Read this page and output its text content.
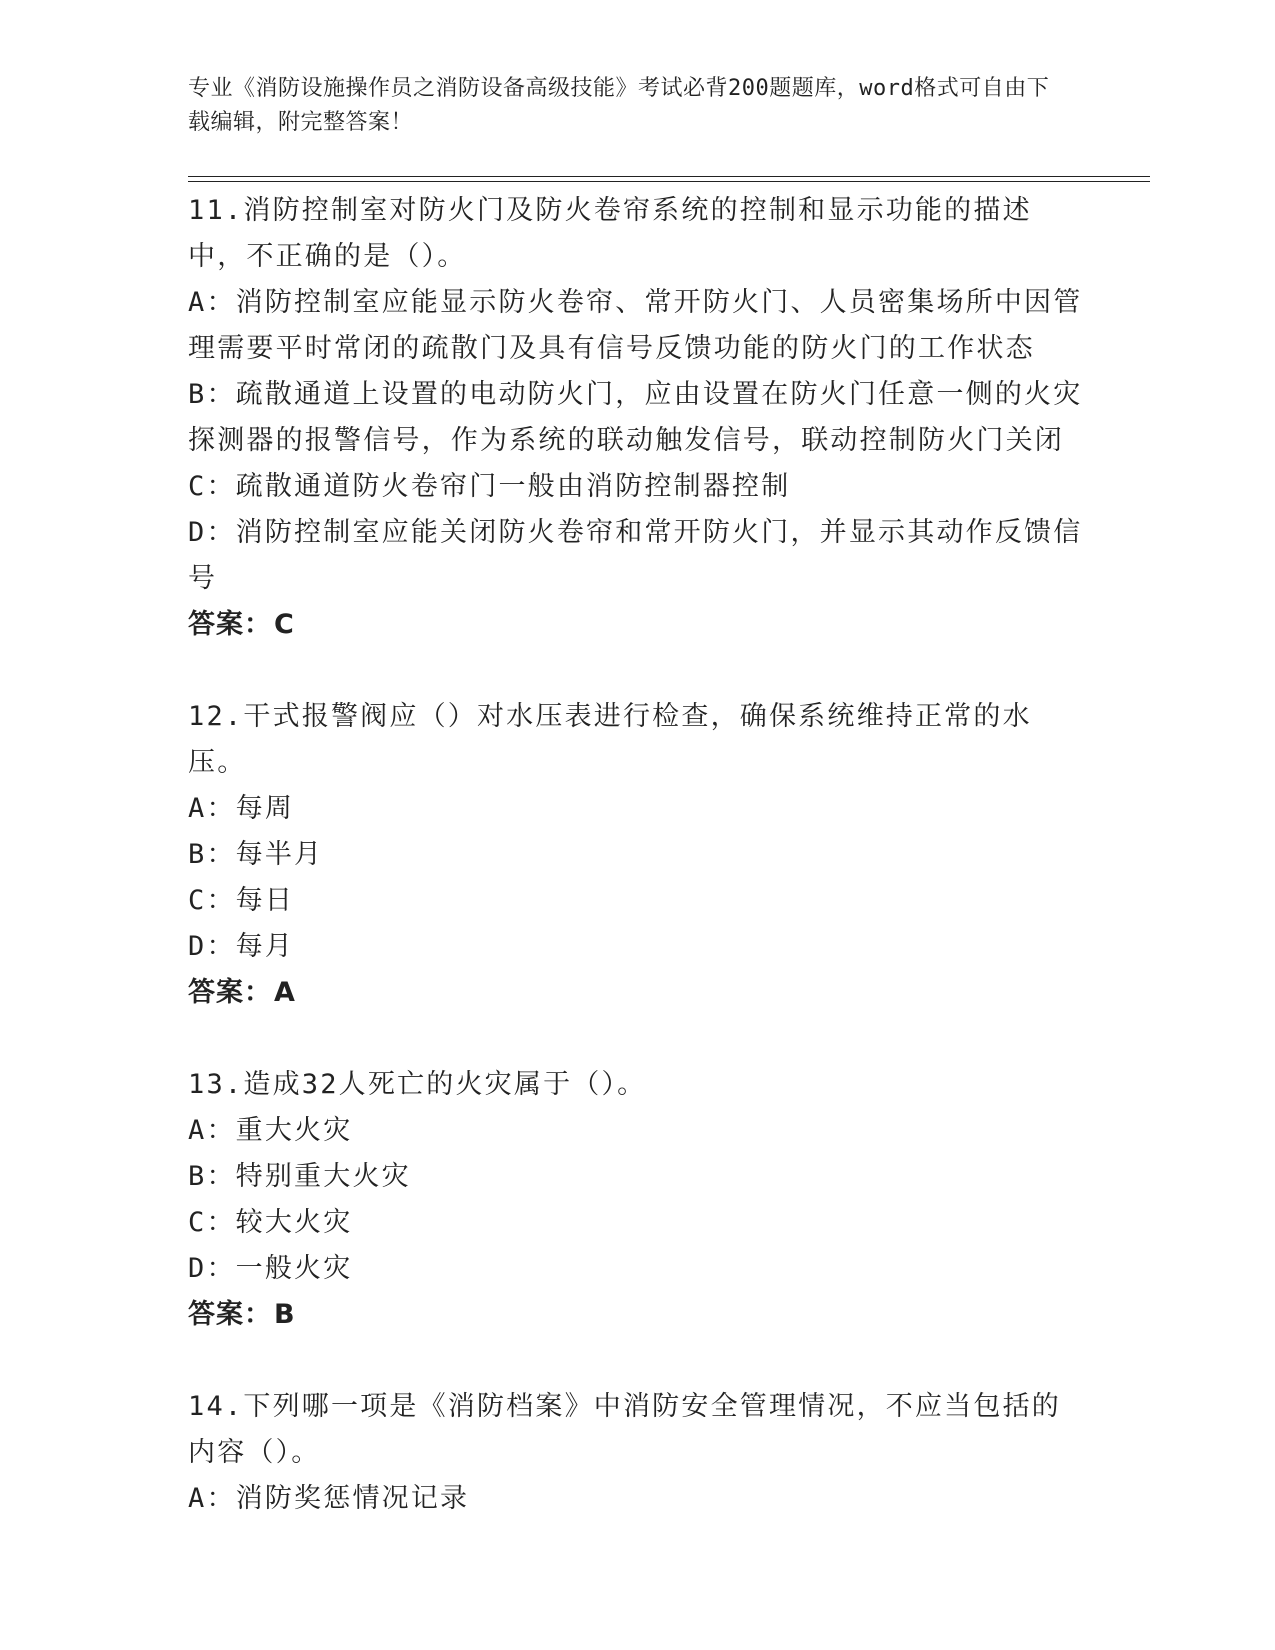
专业《消防设施操作员之消防设备高级技能》考试必背200题题库，word格式可自由下载编辑，附完整答案！

11.消防控制室对防火门及防火卷帘系统的控制和显示功能的描述中，不正确的是（）。

A：消防控制室应能显示防火卷帘、常开防火门、人员密集场所中因管理需要平时常闭的疏散门及具有信号反馈功能的防火门的工作状态

B：疏散通道上设置的电动防火门，应由设置在防火门任意一侧的火灾探测器的报警信号，作为系统的联动触发信号，联动控制防火门关闭

C：疏散通道防火卷帘门一般由消防控制器控制

D：消防控制室应能关闭防火卷帘和常开防火门，并显示其动作反馈信号

答案：C

12.干式报警阀应（）对水压表进行检查，确保系统维持正常的水压。

A：每周

B：每半月

C：每日

D：每月

答案：A

13.造成32人死亡的火灾属于（）。

A：重大火灾

B：特别重大火灾

C：较大火灾

D：一般火灾

答案：B

14.下列哪一项是《消防档案》中消防安全管理情况，不应当包括的内容（）。

A：消防奖惩情况记录
